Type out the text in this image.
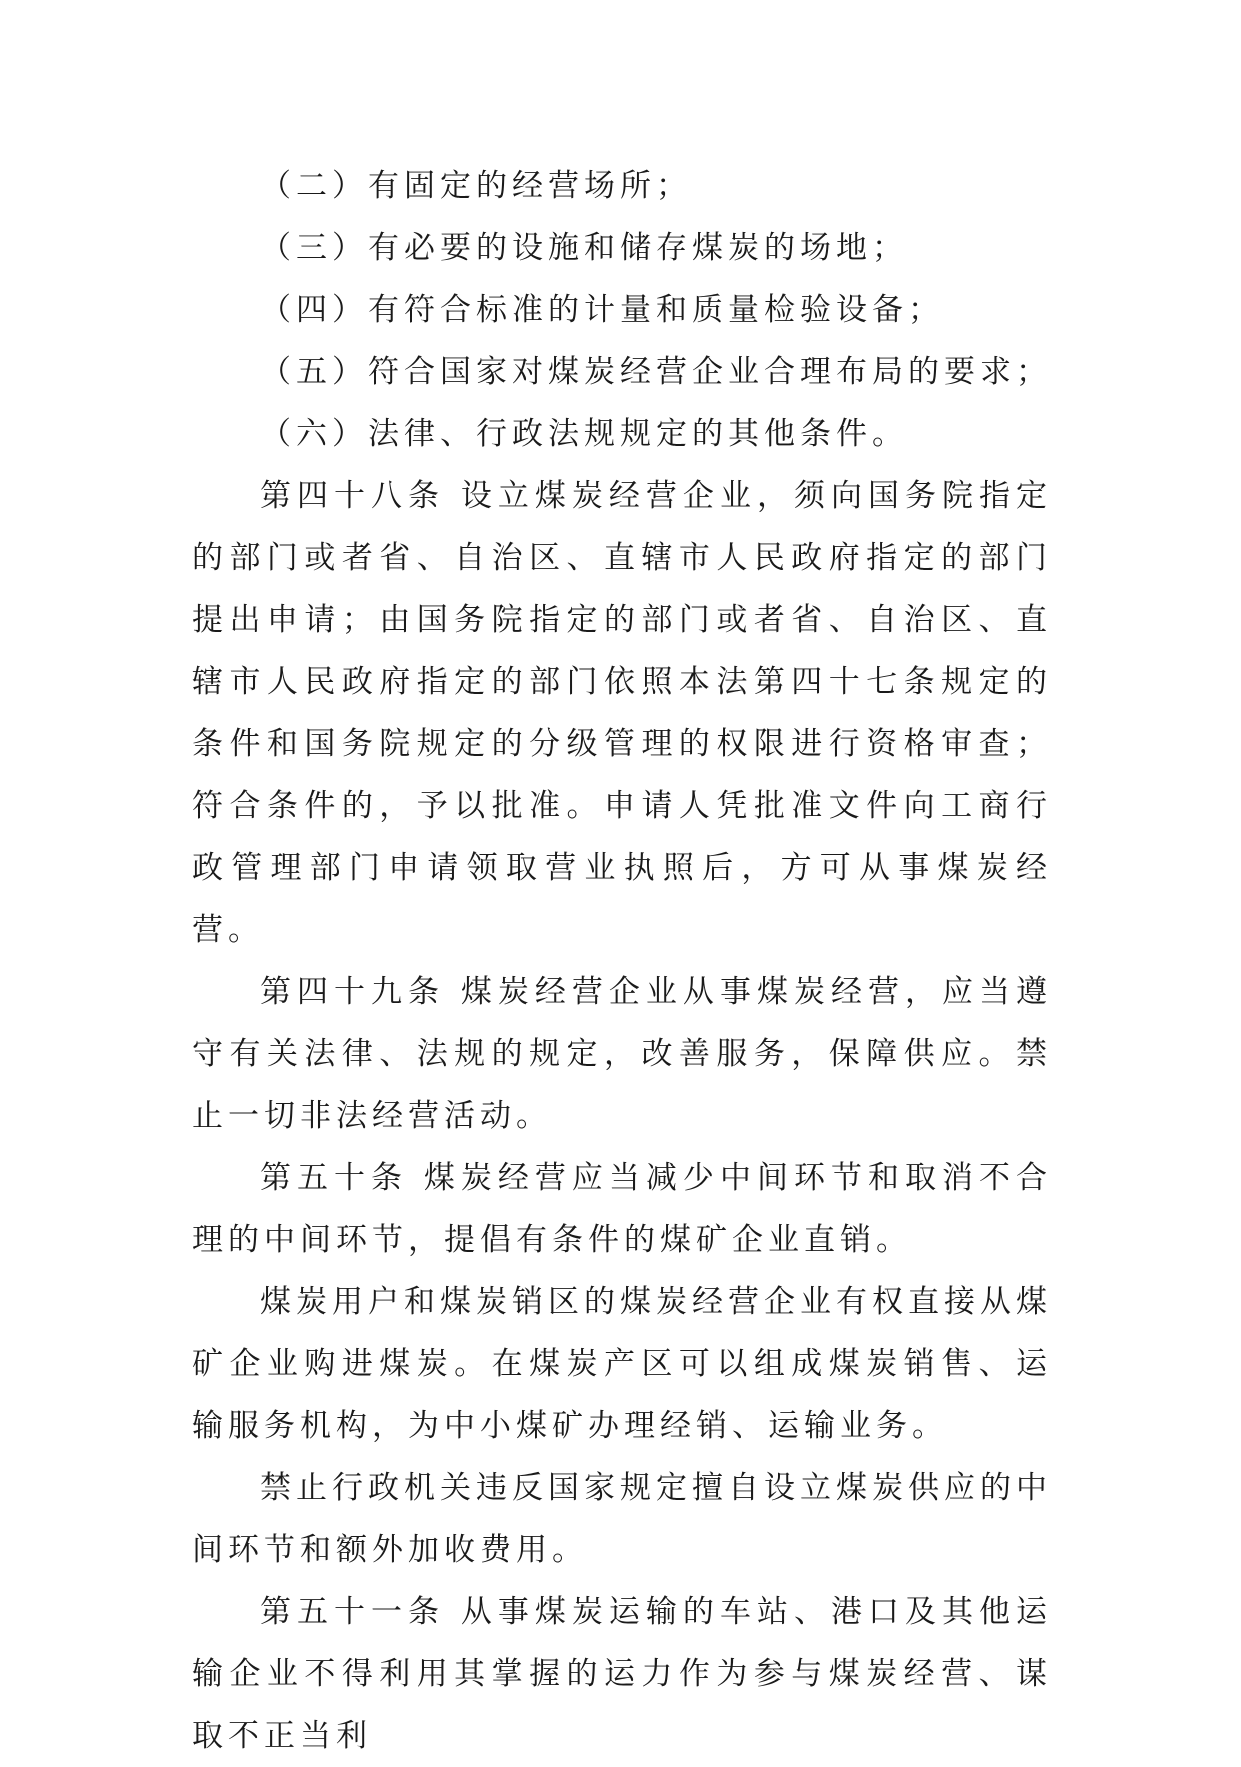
（二）有固定的经营场所；

（三）有必要的设施和储存煤炭的场地；

（四）有符合标准的计量和质量检验设备；

（五）符合国家对煤炭经营企业合理布局的要求；

（六）法律、行政法规规定的其他条件。

第四十八条 设立煤炭经营企业，须向国务院指定的部门或者省、自治区、直辖市人民政府指定的部门提出申请；由国务院指定的部门或者省、自治区、直辖市人民政府指定的部门依照本法第四十七条规定的条件和国务院规定的分级管理的权限进行资格审查；符合条件的，予以批准。申请人凭批准文件向工商行政管理部门申请领取营业执照后，方可从事煤炭经营。

第四十九条 煤炭经营企业从事煤炭经营，应当遵守有关法律、法规的规定，改善服务，保障供应。禁止一切非法经营活动。

第五十条 煤炭经营应当减少中间环节和取消不合理的中间环节，提倡有条件的煤矿企业直销。

煤炭用户和煤炭销区的煤炭经营企业有权直接从煤矿企业购进煤炭。在煤炭产区可以组成煤炭销售、运输服务机构，为中小煤矿办理经销、运输业务。

禁止行政机关违反国家规定擅自设立煤炭供应的中间环节和额外加收费用。

第五十一条 从事煤炭运输的车站、港口及其他运输企业不得利用其掌握的运力作为参与煤炭经营、谋取不正当利
